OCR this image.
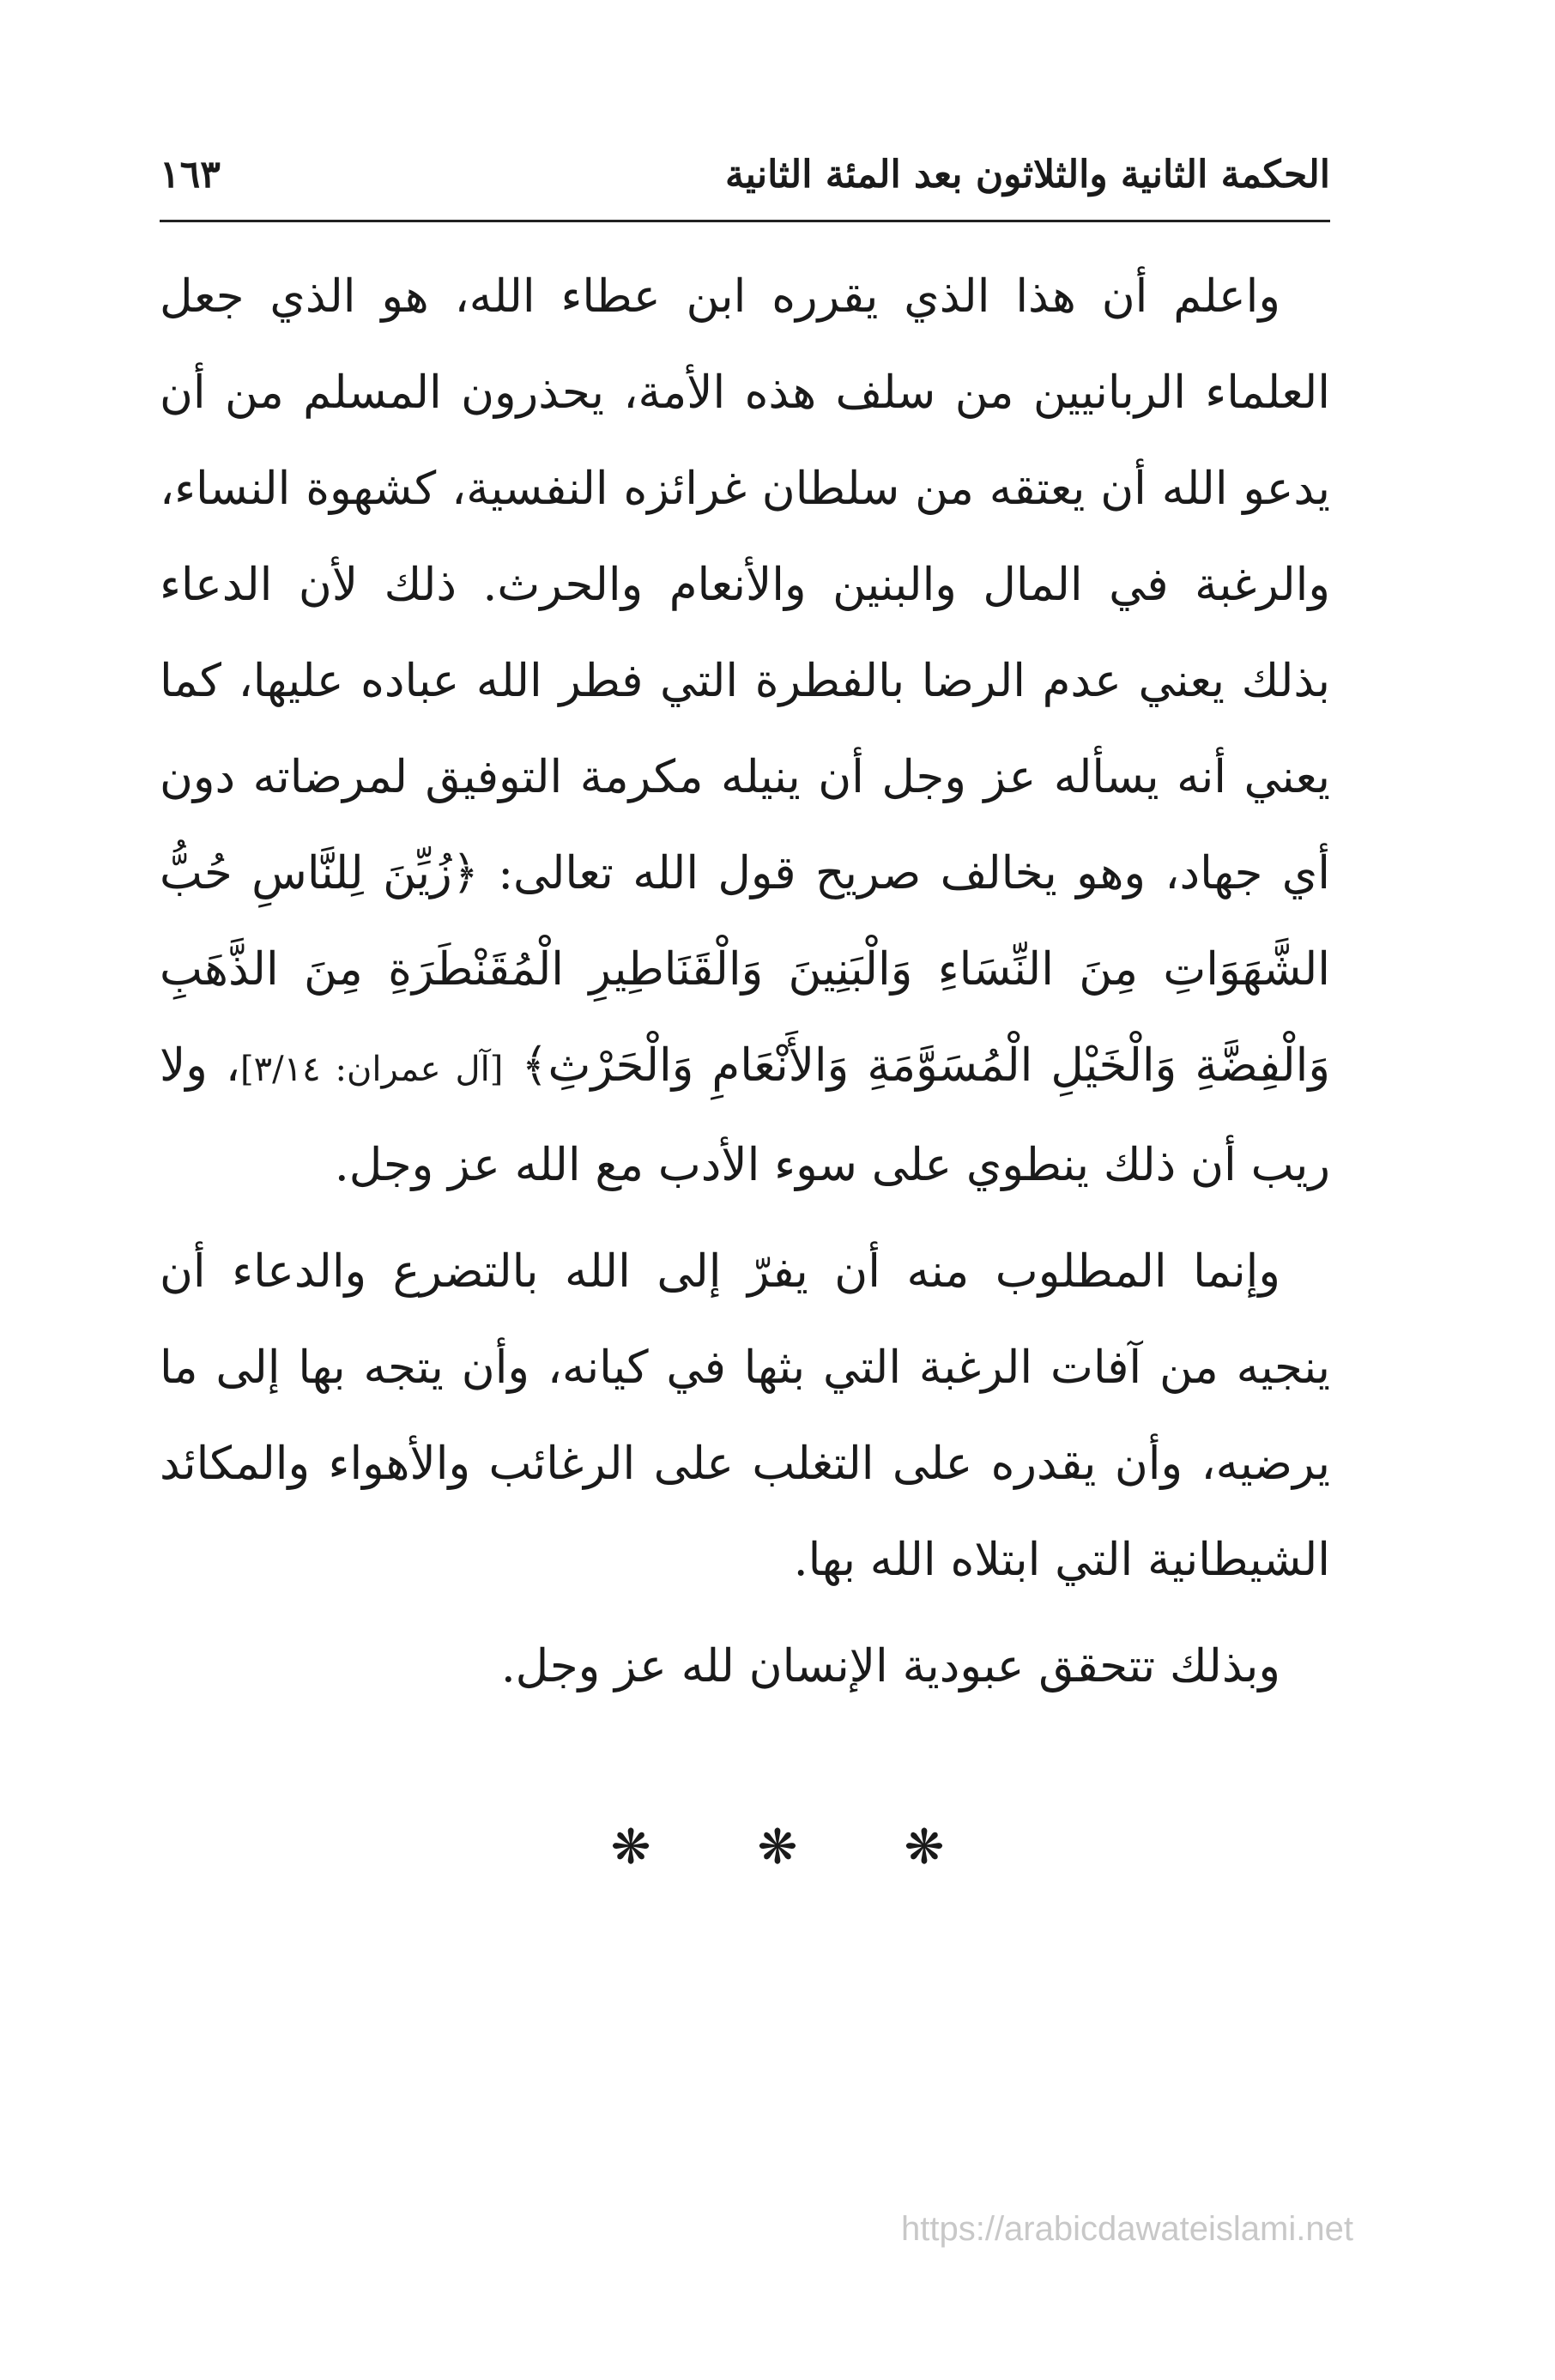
الحكمة الثانية والثلاثون بعد المئة الثانية
١٦٣

واعلم أن هذا الذي يقرره ابن عطاء الله، هو الذي جعل العلماء الربانيين من سلف هذه الأمة، يحذرون المسلم من أن يدعو الله أن يعتقه من سلطان غرائزه النفسية، كشهوة النساء، والرغبة في المال والبنين والأنعام والحرث. ذلك لأن الدعاء بذلك يعني عدم الرضا بالفطرة التي فطر الله عباده عليها، كما يعني أنه يسأله عز وجل أن ينيله مكرمة التوفيق لمرضاته دون أي جهاد، وهو يخالف صريح قول الله تعالى: ﴿زُيِّنَ لِلنَّاسِ حُبُّ الشَّهَوَاتِ مِنَ النِّسَاءِ وَالْبَنِينَ وَالْقَنَاطِيرِ الْمُقَنْطَرَةِ مِنَ الذَّهَبِ وَالْفِضَّةِ وَالْخَيْلِ الْمُسَوَّمَةِ وَالأَنْعَامِ وَالْحَرْثِ﴾ [آل عمران: ٣/١٤]، ولا ريب أن ذلك ينطوي على سوء الأدب مع الله عز وجل.

وإنما المطلوب منه أن يفرّ إلى الله بالتضرع والدعاء أن ينجيه من آفات الرغبة التي بثها في كيانه، وأن يتجه بها إلى ما يرضيه، وأن يقدره على التغلب على الرغائب والأهواء والمكائد الشيطانية التي ابتلاه الله بها.

وبذلك تتحقق عبودية الإنسان لله عز وجل.

❋ ❋ ❋
https://arabicdawateislami.net
